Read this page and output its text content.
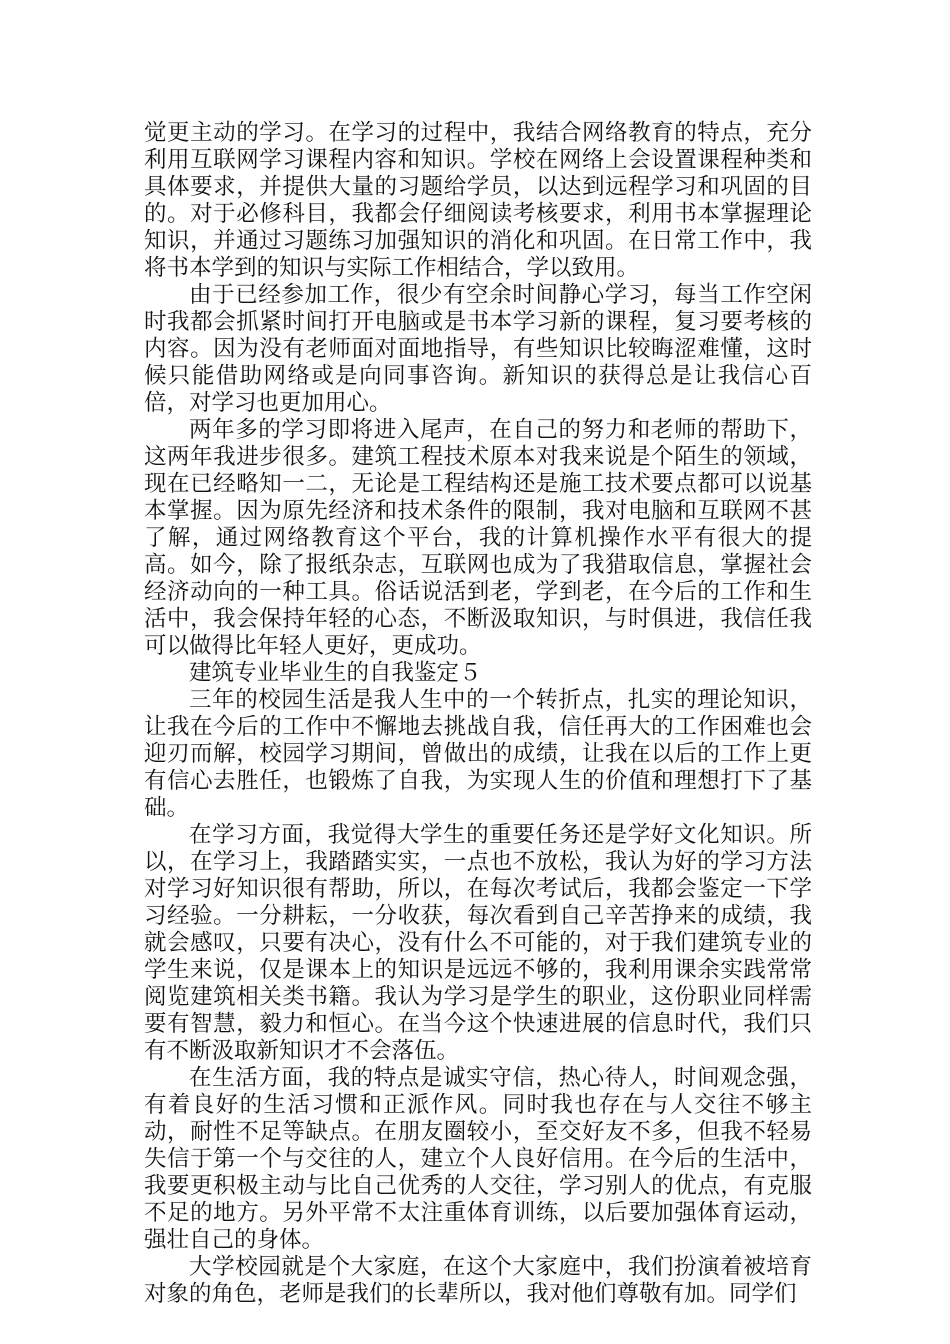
觉更主动的学习。在学习的过程中，我结合网络教育的特点，充分利用互联网学习课程内容和知识。学校在网络上会设置课程种类和具体要求，并提供大量的习题给学员，以达到远程学习和巩固的目的。对于必修科目，我都会仔细阅读考核要求，利用书本掌握理论知识，并通过习题练习加强知识的消化和巩固。在日常工作中，我将书本学到的知识与实际工作相结合，学以致用。

由于已经参加工作，很少有空余时间静心学习，每当工作空闲时我都会抓紧时间打开电脑或是书本学习新的课程，复习要考核的内容。因为没有老师面对面地指导，有些知识比较晦涩难懂，这时候只能借助网络或是向同事咨询。新知识的获得总是让我信心百倍，对学习也更加用心。

两年多的学习即将进入尾声，在自己的努力和老师的帮助下，这两年我进步很多。建筑工程技术原本对我来说是个陌生的领域，现在已经略知一二，无论是工程结构还是施工技术要点都可以说基本掌握。因为原先经济和技术条件的限制，我对电脑和互联网不甚了解，通过网络教育这个平台，我的计算机操作水平有很大的提高。如今，除了报纸杂志，互联网也成为了我猎取信息，掌握社会经济动向的一种工具。俗话说活到老，学到老，在今后的工作和生活中，我会保持年轻的心态，不断汲取知识，与时俱进，我信任我可以做得比年轻人更好，更成功。

建筑专业毕业生的自我鉴定５

三年的校园生活是我人生中的一个转折点，扎实的理论知识，让我在今后的工作中不懈地去挑战自我，信任再大的工作困难也会迎刃而解，校园学习期间，曾做出的成绩，让我在以后的工作上更有信心去胜任，也锻炼了自我，为实现人生的价值和理想打下了基础。

在学习方面，我觉得大学生的重要任务还是学好文化知识。所以，在学习上，我踏踏实实，一点也不放松，我认为好的学习方法对学习好知识很有帮助，所以，在每次考试后，我都会鉴定一下学习经验。一分耕耘，一分收获，每次看到自己辛苦挣来的成绩，我就会感叹，只要有决心，没有什么不可能的，对于我们建筑专业的学生来说，仅是课本上的知识是远远不够的，我利用课余实践常常阅览建筑相关类书籍。我认为学习是学生的职业，这份职业同样需要有智慧，毅力和恒心。在当今这个快速进展的信息时代，我们只有不断汲取新知识才不会落伍。

在生活方面，我的特点是诚实守信，热心待人，时间观念强，有着良好的生活习惯和正派作风。同时我也存在与人交往不够主动，耐性不足等缺点。在朋友圈较小，至交好友不多，但我不轻易失信于第一个与交往的人，建立个人良好信用。在今后的生活中，我要更积极主动与比自己优秀的人交往，学习别人的优点，有克服不足的地方。另外平常不太注重体育训练，以后要加强体育运动，强壮自己的身体。

大学校园就是个大家庭，在这个大家庭中，我们扮演着被培育对象的角色，老师是我们的长辈所以，我对他们尊敬有加。同学们
